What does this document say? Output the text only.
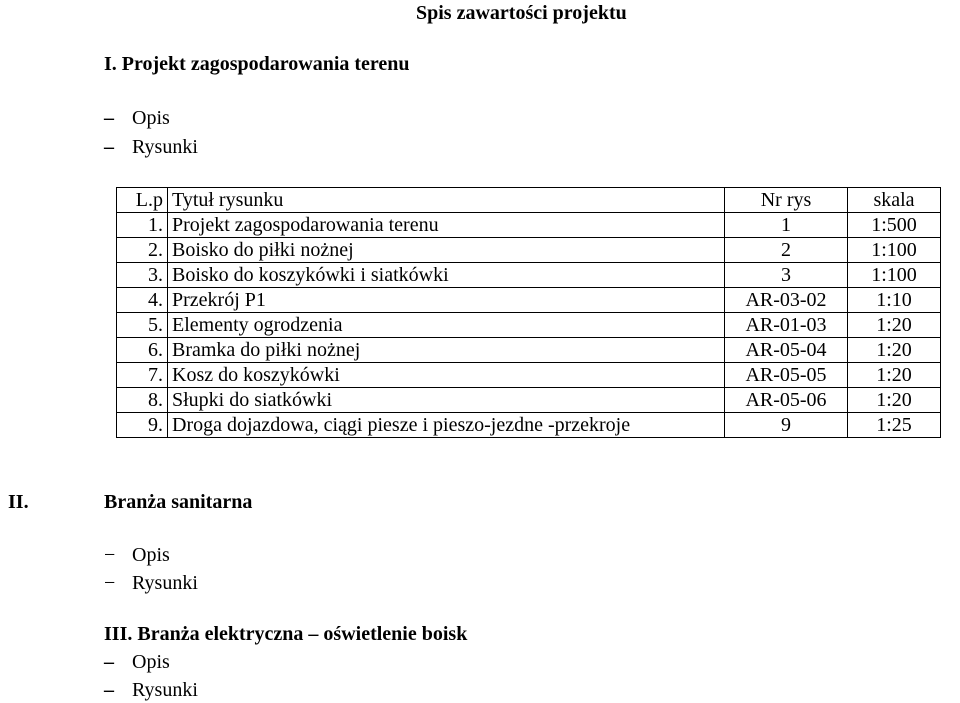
Spis zawartości projektu
I. Projekt zagospodarowania terenu
– Opis
– Rysunki
L.p	Tytuł rysunku	Nr rys	skala
1.	Projekt zagospodarowania terenu	1	1:500
2.	Boisko do piłki nożnej	2	1:100
3.	Boisko do koszykówki i siatkówki	3	1:100
4.	Przekrój P1	AR-03-02	1:10
5.	Elementy ogrodzenia	AR-01-03	1:20
6.	Bramka do piłki nożnej	AR-05-04	1:20
7.	Kosz do koszykówki	AR-05-05	1:20
8.	Słupki do siatkówki	AR-05-06	1:20
9.	Droga dojazdowa, ciągi piesze i pieszo-jezdne -przekroje	9	1:25
II.	Branża sanitarna
− Opis
− Rysunki
III. Branża elektryczna – oświetlenie boisk
– Opis
– Rysunki
